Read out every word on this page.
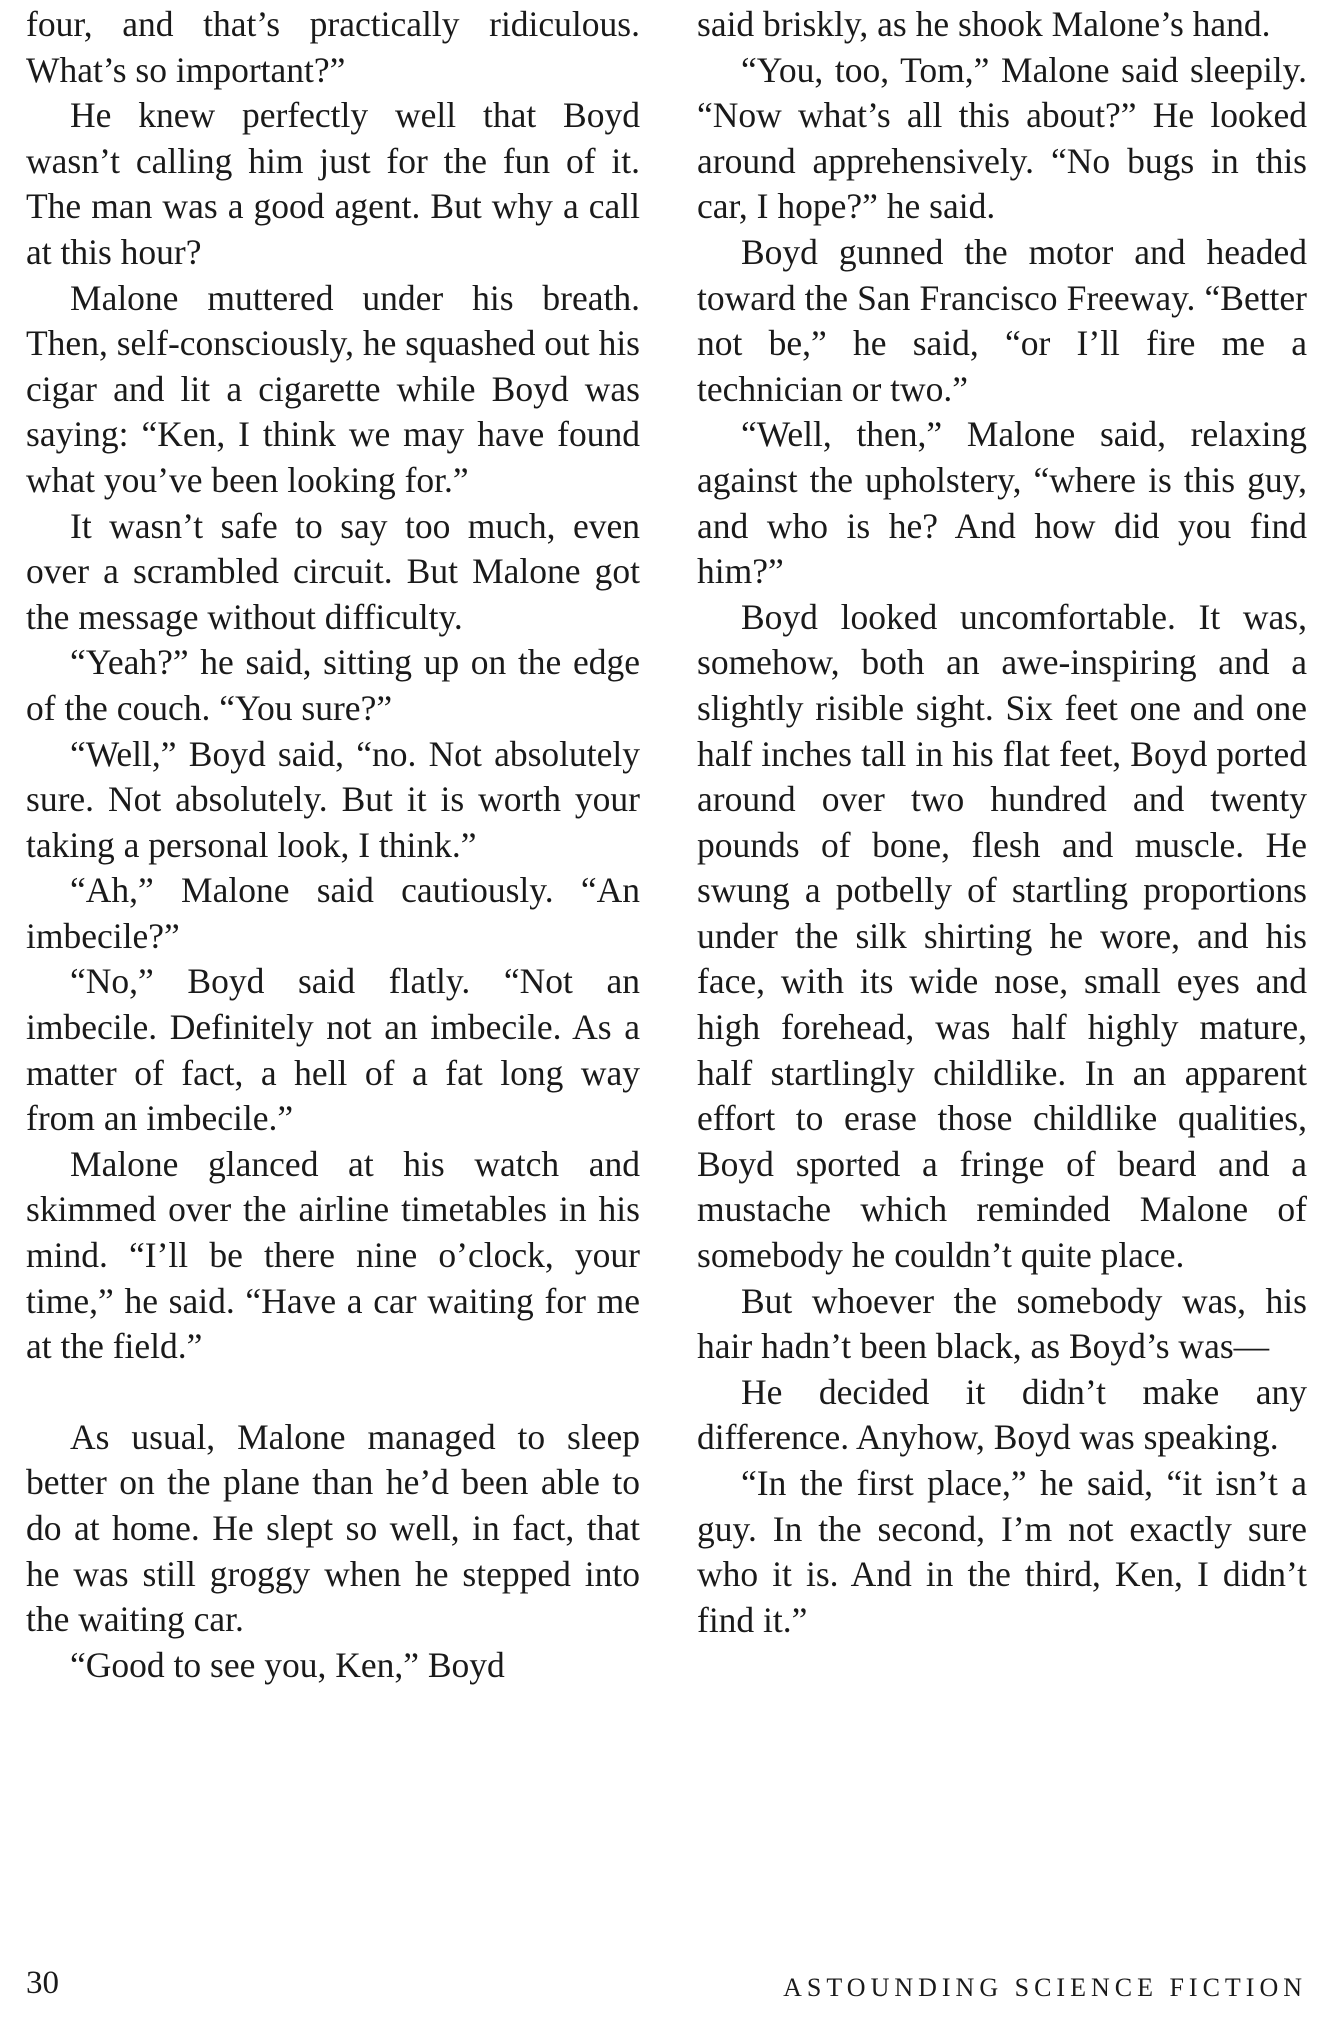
four, and that’s practically ridiculous. What’s so important?”

He knew perfectly well that Boyd wasn’t calling him just for the fun of it. The man was a good agent. But why a call at this hour?

Malone muttered under his breath. Then, self-consciously, he squashed out his cigar and lit a cigarette while Boyd was saying: “Ken, I think we may have found what you’ve been looking for.”

It wasn’t safe to say too much, even over a scrambled circuit. But Malone got the message without difficulty.

“Yeah?” he said, sitting up on the edge of the couch. “You sure?”

“Well,” Boyd said, “no. Not absolutely sure. Not absolutely. But it is worth your taking a personal look, I think.”

“Ah,” Malone said cautiously. “An imbecile?”

“No,” Boyd said flatly. “Not an imbecile. Definitely not an imbecile. As a matter of fact, a hell of a fat long way from an imbecile.”

Malone glanced at his watch and skimmed over the airline timetables in his mind. “I’ll be there nine o’clock, your time,” he said. “Have a car waiting for me at the field.”

As usual, Malone managed to sleep better on the plane than he’d been able to do at home. He slept so well, in fact, that he was still groggy when he stepped into the waiting car.

“Good to see you, Ken,” Boyd

said briskly, as he shook Malone’s hand.

“You, too, Tom,” Malone said sleepily. “Now what’s all this about?” He looked around apprehensively. “No bugs in this car, I hope?” he said.

Boyd gunned the motor and headed toward the San Francisco Freeway. “Better not be,” he said, “or I’ll fire me a technician or two.”

“Well, then,” Malone said, relaxing against the upholstery, “where is this guy, and who is he? And how did you find him?”

Boyd looked uncomfortable. It was, somehow, both an awe-inspiring and a slightly risible sight. Six feet one and one half inches tall in his flat feet, Boyd ported around over two hundred and twenty pounds of bone, flesh and muscle. He swung a potbelly of startling proportions under the silk shirting he wore, and his face, with its wide nose, small eyes and high forehead, was half highly mature, half startlingly childlike. In an apparent effort to erase those childlike qualities, Boyd sported a fringe of beard and a mustache which reminded Malone of somebody he couldn’t quite place.

But whoever the somebody was, his hair hadn’t been black, as Boyd’s was—

He decided it didn’t make any difference. Anyhow, Boyd was speaking.

“In the first place,” he said, “it isn’t a guy. In the second, I’m not exactly sure who it is. And in the third, Ken, I didn’t find it.”

30	ASTOUNDING SCIENCE FICTION
